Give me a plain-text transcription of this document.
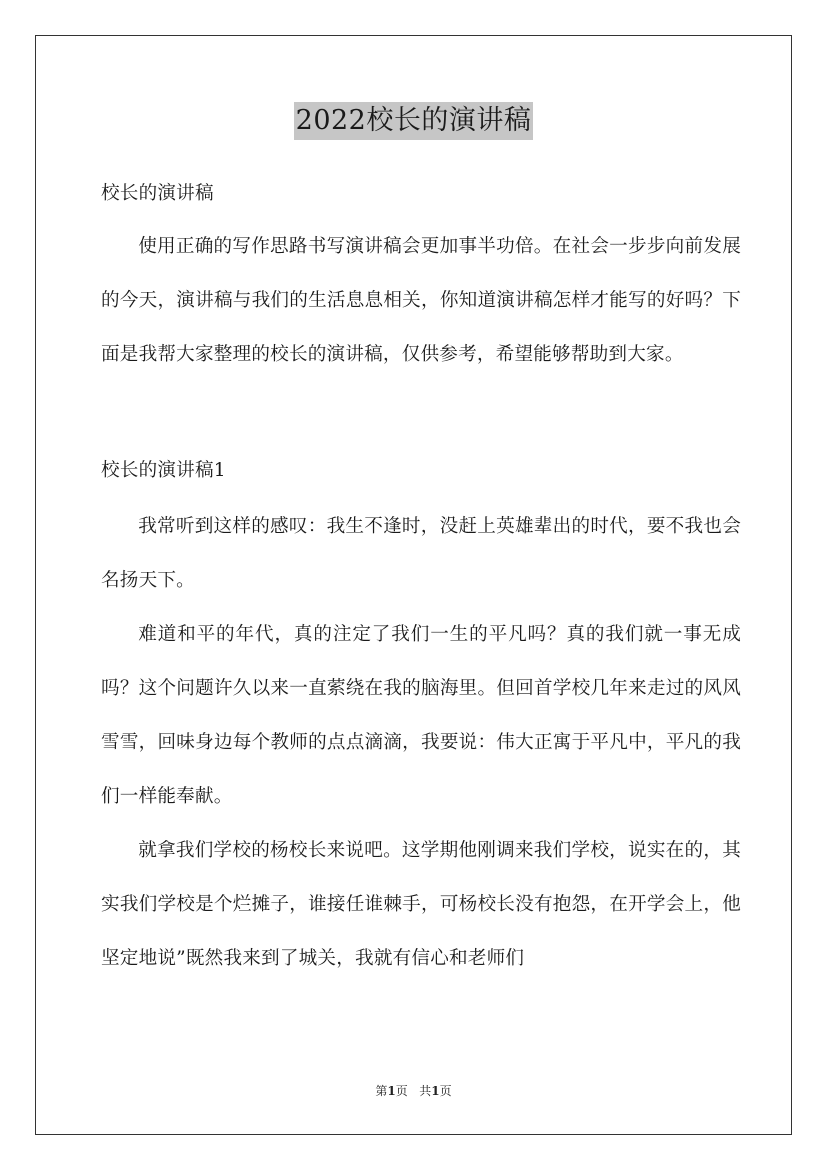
2022校长的演讲稿

校长的演讲稿

使用正确的写作思路书写演讲稿会更加事半功倍。在社会一步步向前发展的今天，演讲稿与我们的生活息息相关，你知道演讲稿怎样才能写的好吗？下面是我帮大家整理的校长的演讲稿，仅供参考，希望能够帮助到大家。

校长的演讲稿1

我常听到这样的感叹：我生不逢时，没赶上英雄辈出的时代，要不我也会名扬天下。

难道和平的年代，真的注定了我们一生的平凡吗？真的我们就一事无成吗？这个问题许久以来一直萦绕在我的脑海里。但回首学校几年来走过的风风雪雪，回味身边每个教师的点点滴滴，我要说：伟大正寓于平凡中，平凡的我们一样能奉献。

就拿我们学校的杨校长来说吧。这学期他刚调来我们学校，说实在的，其实我们学校是个烂摊子，谁接任谁棘手，可杨校长没有抱怨，在开学会上，他坚定地说”既然我来到了城关，我就有信心和老师们

第1页 共1页
